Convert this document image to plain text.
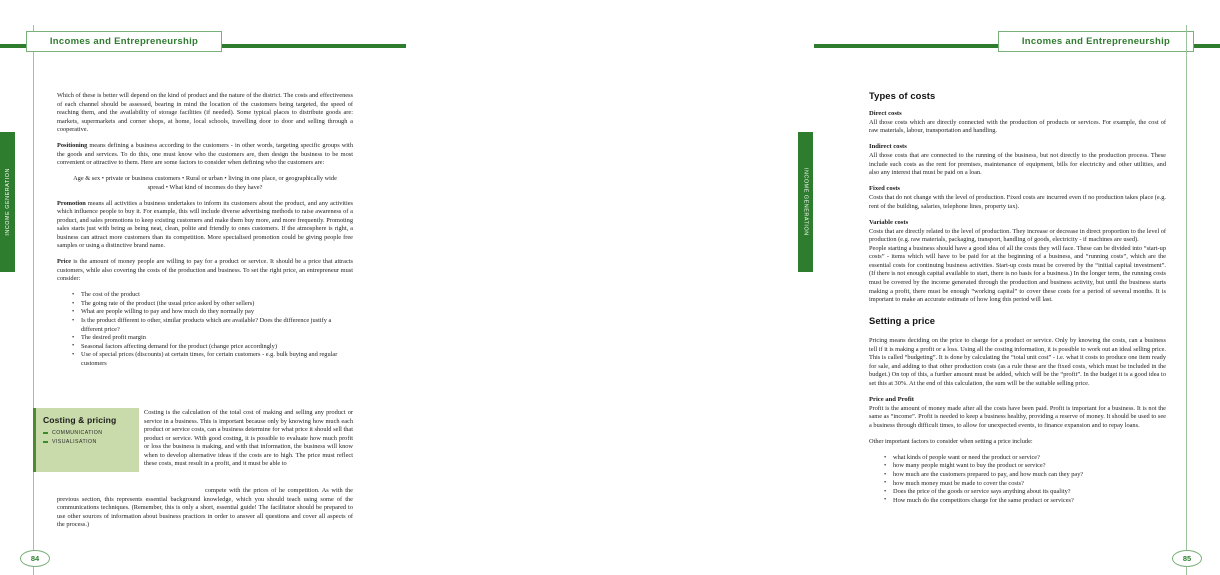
INCOME GENERATION
Incomes and Entrepreneurship

Which of these is better will depend on the kind of product and the nature of the district. The costs and effectiveness of each channel should be assessed, bearing in mind the location of the customers being targeted, the speed of reaching them, and the availability of storage facilities (if needed). Some typical places to distribute goods are: markets, supermarkets and corner shops, at home, local schools, travelling door to door and selling through a cooperative.

Positioning means defining a business according to the customers - in other words, targeting specific groups with the goods and services. To do this, one must know who the customers are, then design the business to be most convenient or attractive to them. Here are some factors to consider when defining who the customers are:

Age & sex • private or business customers • Rural or urban • living in one place, or geographically wide spread • What kind of incomes do they have?

Promotion means all activities a business undertakes to inform its customers about the product, and any activities which influence people to buy it. For example, this will include diverse advertising methods to raise awareness of a product, and sales promotions to keep existing customers and make them buy more, and more frequently. Promoting sales starts just with being as being neat, clean, polite and friendly to ones customers. If the atmosphere is right, a business can attract more customers than its competition. More specialised promotion could be giving people free samples or using a distinctive brand name.

Price is the amount of money people are willing to pay for a product or service. It should be a price that attracts customers, while also covering the costs of the production and business. To set the right price, an entrepreneur must consider:

• The cost of the product
• The going rate of the product (the usual price asked by other sellers)
• What are people willing to pay and how much do they normally pay
• Is the product different to other, similar products which are available? Does the difference justify a different price?
• The desired profit margin
• Seasonal factors affecting demand for the product (change price accordingly)
• Use of special prices (discounts) at certain times, for certain customers - e.g. bulk buying and regular customers
Costing & pricing
COMMUNICATION
VISUALISATION

Costing is the calculation of the total cost of making and selling any product or service in a business. This is important because only by knowing how much each product or service costs, can a business determine for what price it should sell that product or service. With good costing, it is possible to evaluate how much profit or loss the business is making, and with that information, the business will know when to develop alternative ideas if the costs are to high. The price must reflect these costs, must result in a profit, and it must be able to

compete with the prices of he competition. As with the previous section, this represents essential background knowledge, which you should teach using some of the communications techniques. (Remember, this is only a short, essential guide! The facilitator should be prepared to use other sources of information about business practices in order to answer all questions and cover all aspects of the process.)

84
INCOME GENERATION
Incomes and Entrepreneurship
Types of costs
Direct costs

All those costs which are directly connected with the production of products or services. For example, the cost of raw materials, labour, transportation and handling.

Indirect costs

All those costs that are connected to the running of the business, but not directly to the production process. These include such costs as the rent for premises, maintenance of equipment, bills for electricity and other utilities, and also any interest that must be paid on a loan.

Fixed costs

Costs that do not change with the level of production. Fixed costs are incurred even if no production takes place (e.g. rent of the building, salaries, telephone lines, property tax).

Variable costs

Costs that are directly related to the level of production. They increase or decrease in direct proportion to the level of production (e.g. raw materials, packaging, transport, handling of goods, electricity - if machines are used).

People starting a business should have a good idea of all the costs they will face. These can be divided into “start-up costs” - items which will have to be paid for at the beginning of a business, and “running costs”, which are the essential costs for continuing business activities. Start-up costs must be covered by the “initial capital investment”. (If there is not enough capital available to start, there is no basis for a business.) In the longer term, the running costs must be covered by the income generated through the production and business activity, but until the business starts making a profit, there must be enough “working capital” to cover these costs for a period of several months. It is important to make an accurate estimate of how long this period will last.

Setting a price

Pricing means deciding on the price to charge for a product or service. Only by knowing the costs, can a business tell if it is making a profit or a loss. Using all the costing information, it is possible to work out an ideal selling price. This is called “budgeting”. It is done by calculating the “total unit cost” - i.e. what it costs to produce one item ready for sale, and adding to that other production costs (as a rule these are the fixed costs, which must be included in the budget.) On top of this, a further amount must be added, which will be the “profit”. In the budget it is a good idea to set this at 30%. At the end of this calculation, the sum will be the suitable selling price.

Price and Profit

Profit is the amount of money made after all the costs have been paid. Profit is important for a business. It is not the same as “income”. Profit is needed to keep a business healthy, providing a reserve of money. It should be used to see a business through difficult times, to allow for unexpected events, to finance expansion and to repay loans.

Other important factors to consider when setting a price include:

• what kinds of people want or need the product or service?
• how many people might want to buy the product or service?
• how much are the customers prepared to pay, and how much can they pay?
• how much money must be made to cover the costs?
• Does the price of the goods or service says anything about its quality?
• How much do the competitors charge for the same product or services?
85
